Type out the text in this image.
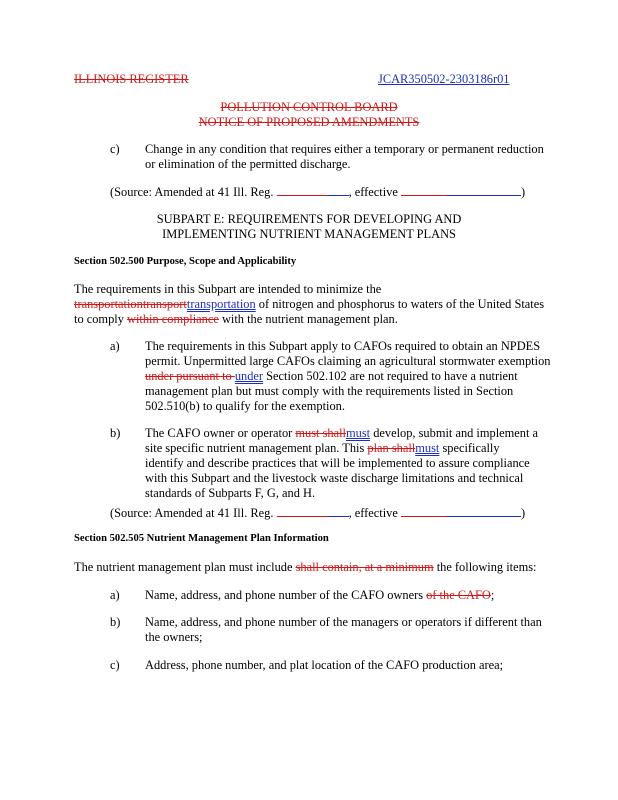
ILLINOIS REGISTER	JCAR350502-2303186r01
POLLUTION CONTROL BOARD
NOTICE OF PROPOSED AMENDMENTS
c) Change in any condition that requires either a temporary or permanent reduction
or elimination of the permitted discharge.
(Source: Amended at 41 Ill. Reg.	, effective	)
SUBPART E: REQUIREMENTS FOR DEVELOPING AND
IMPLEMENTING NUTRIENT MANAGEMENT PLANS
Section 502.500 Purpose, Scope and Applicability
The requirements in this Subpart are intended to minimize the
transportationtransporttransportation of nitrogen and phosphorus to waters of the United States
to comply within compliance with the nutrient management plan.
a) The requirements in this Subpart apply to CAFOs required to obtain an NPDES
permit. Unpermitted large CAFOs claiming an agricultural stormwater exemption
under pursuant to under Section 502.102 are not required to have a nutrient
management plan but must comply with the requirements listed in Section
502.510(b) to qualify for the exemption.
b) The CAFO owner or operator must shallmust develop, submit and implement a
site specific nutrient management plan. This plan shallmust specifically
identify and describe practices that will be implemented to assure compliance
with this Subpart and the livestock waste discharge limitations and technical
standards of Subparts F, G, and H.
(Source: Amended at 41 Ill. Reg.	, effective	)
Section 502.505 Nutrient Management Plan Information
The nutrient management plan must include shall contain, at a minimum the following items:
a) Name, address, and phone number of the CAFO owners of the CAFO;
b) Name, address, and phone number of the managers or operators if different than
the owners;
c) Address, phone number, and plat location of the CAFO production area;
